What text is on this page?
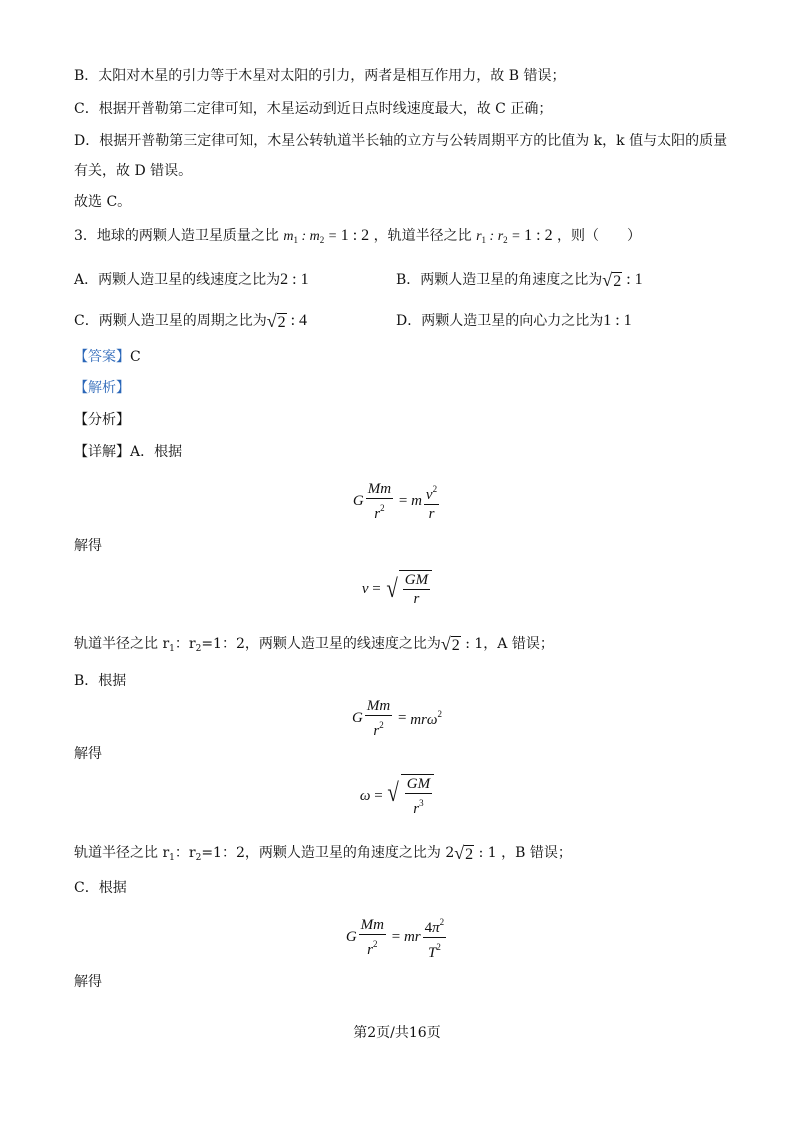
B．太阳对木星的引力等于木星对太阳的引力，两者是相互作用力，故 B 错误；
C．根据开普勒第二定律可知，木星运动到近日点时线速度最大，故 C 正确；
D．根据开普勒第三定律可知，木星公转轨道半长轴的立方与公转周期平方的比值为 k，k 值与太阳的质量
有关，故 D 错误。
故选 C。
3．地球的两颗人造卫星质量之比 $m_1$ : $m_2 = 1$ : 2 ，轨道半径之比 $r_1$ : $r_2 = 1$ : 2 ，则（　　）
A．两颗人造卫星的线速度之比为2 : 1	B．两颗人造卫星的角速度之比为 √ 2 : 1
C．两颗人造卫星的周期之比为 √ 2 : 4	D．两颗人造卫星的向心力之比为1 : 1
【答案】C
【解析】
【分析】
【详解】A．根据
G $\frac{Mm}{r^2} = m \frac{v^2}{r}$
解得
v = √ $\frac{GM}{r}$
轨道半径之比 $r_1$：$r_2=1$：2，两颗人造卫星的线速度之比为 √ 2 : 1，A 错误；
B．根据
G $\frac{Mm}{r^2} = mr\omega^2$
解得
ω = √ $\frac{GM}{r^3}$
轨道半径之比 $r_1$：$r_2=1$：2，两颗人造卫星的角速度之比为 2 √ 2 : 1 ，B 错误；
C．根据
G $\frac{Mm}{r^2}$ = mr $\frac{4\pi^2}{T^2}$
解得
第2页/共16页
